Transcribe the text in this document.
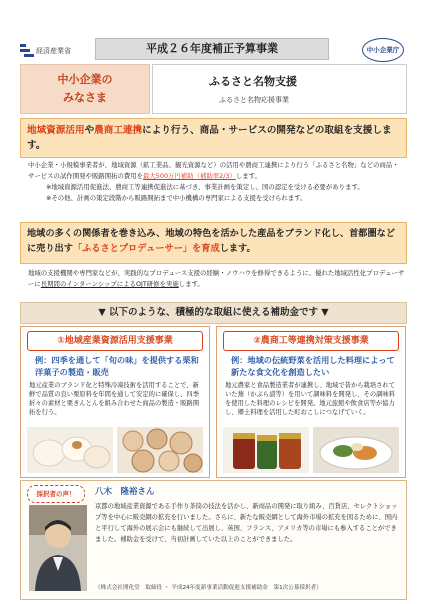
経済産業省	平成２６年度補正予算事業	中小企業庁
中小企業の
みなさま
ふるさと名物支援
ふるさと名物応援事業
地域資源活用や農商工連携により行う、商品・サービスの開発などの取組を支援します。
中小企業・小規模事業者が、地域資源（鉱工業品、観光資源など）の活用や農商工連携により行う「ふるさと名物」などの商品・サービスの試作開発や販路開拓の費用を最大500万円補助（補助率2/3）します。
※地域資源活用促進法、農商工等連携促進法に基づき、事業計画を策定し、国の認定を受ける必要があります。
※その他、計画の策定段階から販路開拓まで中小機構の専門家による支援を受けられます。
地域の多くの関係者を巻き込み、地域の特色を活かした産品をブランド化し、首都圏などに売り出す「ふるさとプロデューサー」を育成します。
地域の支援機関や専門家などが、実践的なプロデュース支援の経験・ノウハウを修得できるように、優れた地域活性化プロデューサーに長期間のインターンシップによるOJT研修を実施します。
▼ 以下のような、積極的な取組に使える補助金です ▼
①地域産業資源活用支援事業
例：四季を通して「旬の味」を提供する栗和洋菓子の製造・販売
地元産業のブランド化と特殊冷凍技術を活用することで、新鮮で品質の良い栗原料を年間を通して安定的に確保し、四季折々の素材と栗きんとんを組み合わせた商品の製造・販路開拓を行う。
②農商工等連携対策支援事業
例：地域の伝統野菜を活用した料理によって新たな食文化を創造したい
地元農家と食品製造業者が連携し、地域で昔から栽培されていた蕪（かぶら漬等）を用いて調味料を開発し、その調味料を使用した料理のレシピを開発。地元旅館や飲食店等が協力し、郷土料理を活用した町おこしにつなげていく。
採択者の声！	八木　隆裕さん
京都の地域産業資源である手作り茶筒の技法を活かし、新商品の開発に取り組み、百貨店、セレクトショップ等を中心に販売網の拡充を行いました。さらに、新たな販売網として海外市場の拡充を図るために、国内と平行して海外の展示会にも継続して出展し、英国、フランス、アメリカ等の市場にも参入することができました。補助金を受けて、当初計画していた以上のことができました。
（株式会社開化堂　取締役 ・ 平成24年度新事業活動促進支援補助金　第1次公募採択者）
